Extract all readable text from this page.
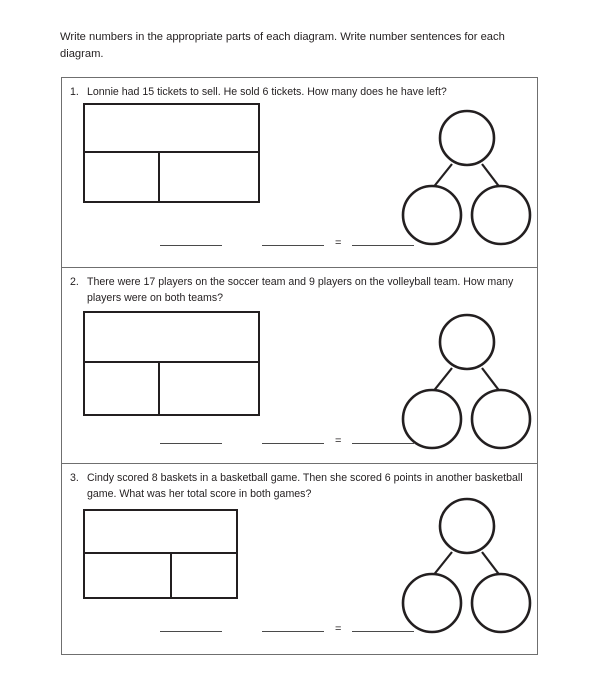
Write numbers in the appropriate parts of each diagram. Write number sentences for each diagram.
1. Lonnie had 15 tickets to sell. He sold 6 tickets. How many does he have left?
=
2. There were 17 players on the soccer team and 9 players on the volleyball team. How many players were on both teams?
=
3. Cindy scored 8 baskets in a basketball game. Then she scored 6 points in another basketball game. What was her total score in both games?
=
